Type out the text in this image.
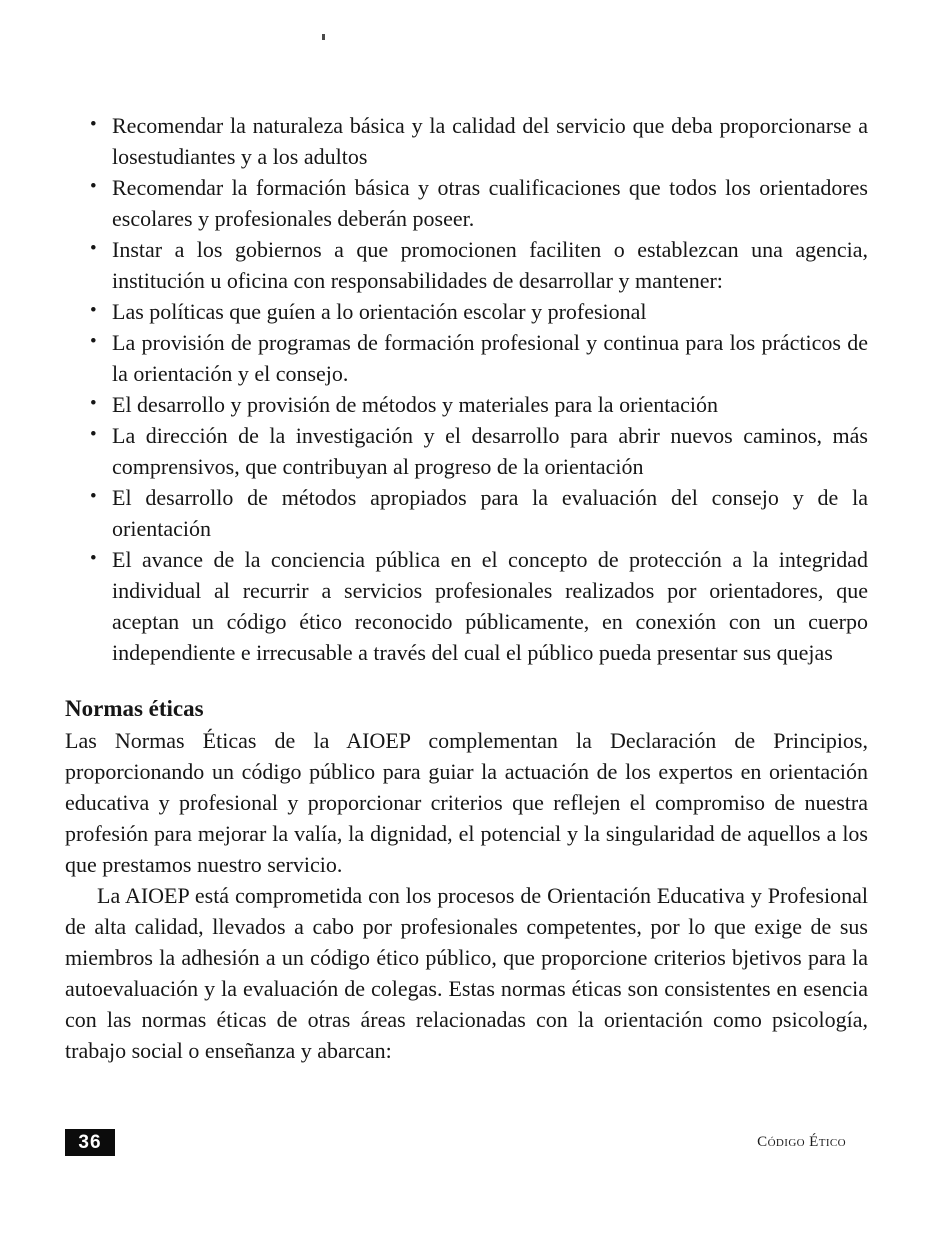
• Recomendar la naturaleza básica y la calidad del servicio que deba proporcionarse a losestudiantes y a los adultos
• Recomendar la formación básica y otras cualificaciones que todos los orientadores escolares y profesionales deberán poseer.
• Instar a los gobiernos a que promocionen faciliten o establezcan una agencia, institución u oficina con responsabilidades de desarrollar y mantener:
• Las políticas que guíen a lo orientación escolar y profesional
• La provisión de programas de formación profesional y continua para los prácticos de la orientación y el consejo.
• El desarrollo y provisión de métodos y materiales para la orientación
• La dirección de la investigación y el desarrollo para abrir nuevos caminos, más comprensivos, que contribuyan al progreso de la orientación
• El desarrollo de métodos apropiados para la evaluación del consejo y de la orientación
• El avance de la conciencia pública en el concepto de protección a la integridad individual al recurrir a servicios profesionales realizados por orientadores, que aceptan un código ético reconocido públicamente, en conexión con un cuerpo independiente e irrecusable a través del cual el público pueda presentar sus quejas
Normas éticas

Las Normas Éticas de la AIOEP complementan la Declaración de Principios, proporcionando un código público para guiar la actuación de los expertos en orientación educativa y profesional y proporcionar criterios que reflejen el compromiso de nuestra profesión para mejorar la valía, la dignidad, el potencial y la singularidad de aquellos a los que prestamos nuestro servicio.

La AIOEP está comprometida con los procesos de Orientación Educativa y Profesional de alta calidad, llevados a cabo por profesionales competentes, por lo que exige de sus miembros la adhesión a un código ético público, que proporcione criterios bjetivos para la autoevaluación y la evaluación de colegas. Estas normas éticas son consistentes en esencia con las normas éticas de otras áreas relacionadas con la orientación como psicología, trabajo social o enseñanza y abarcan:

36	Código Ético
